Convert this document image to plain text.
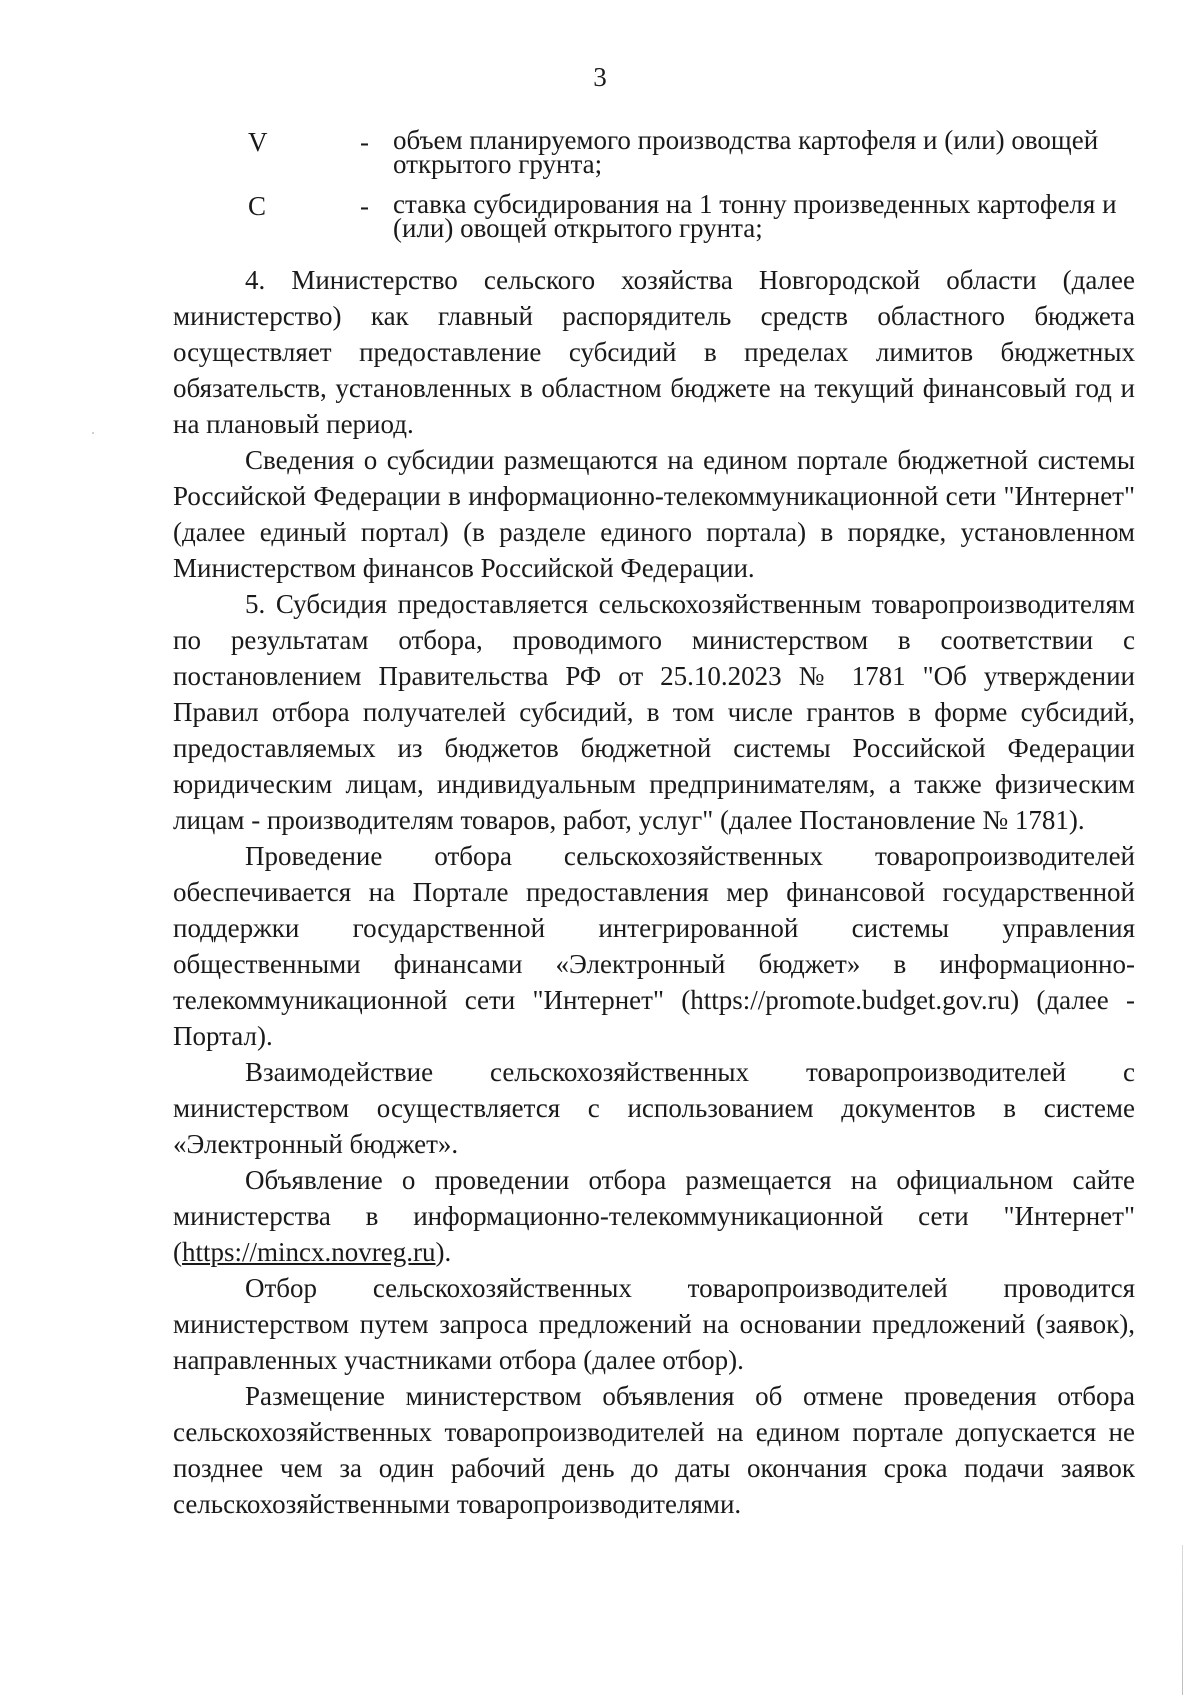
3
V	- объем планируемого производства картофеля и (или) овощей открытого грунта;
С	- ставка субсидирования на 1 тонну произведенных картофеля и (или) овощей открытого грунта;

4. Министерство сельского хозяйства Новгородской области (далее министерство) как главный распорядитель средств областного бюджета осуществляет предоставление субсидий в пределах лимитов бюджетных обязательств, установленных в областном бюджете на текущий финансовый год и на плановый период.

Сведения о субсидии размещаются на едином портале бюджетной системы Российской Федерации в информационно-телекоммуникационной сети "Интернет" (далее единый портал) (в разделе единого портала) в порядке, установленном Министерством финансов Российской Федерации.

5. Субсидия предоставляется сельскохозяйственным товаропроизводителям по результатам отбора, проводимого министерством в соответствии с постановлением Правительства РФ от 25.10.2023 № 1781 "Об утверждении Правил отбора получателей субсидий, в том числе грантов в форме субсидий, предоставляемых из бюджетов бюджетной системы Российской Федерации юридическим лицам, индивидуальным предпринимателям, а также физическим лицам - производителям товаров, работ, услуг" (далее Постановление № 1781).

Проведение отбора сельскохозяйственных товаропроизводителей обеспечивается на Портале предоставления мер финансовой государственной поддержки государственной интегрированной системы управления общественными финансами «Электронный бюджет» в информационно-телекоммуникационной сети "Интернет" (https://promote.budget.gov.ru) (далее - Портал).

Взаимодействие сельскохозяйственных товаропроизводителей с министерством осуществляется с использованием документов в системе «Электронный бюджет».

Объявление о проведении отбора размещается на официальном сайте министерства в информационно-телекоммуникационной сети "Интернет" (https://mincx.novreg.ru).

Отбор сельскохозяйственных товаропроизводителей проводится министерством путем запроса предложений на основании предложений (заявок), направленных участниками отбора (далее отбор).

Размещение министерством объявления об отмене проведения отбора сельскохозяйственных товаропроизводителей на едином портале допускается не позднее чем за один рабочий день до даты окончания срока подачи заявок сельскохозяйственными товаропроизводителями.
